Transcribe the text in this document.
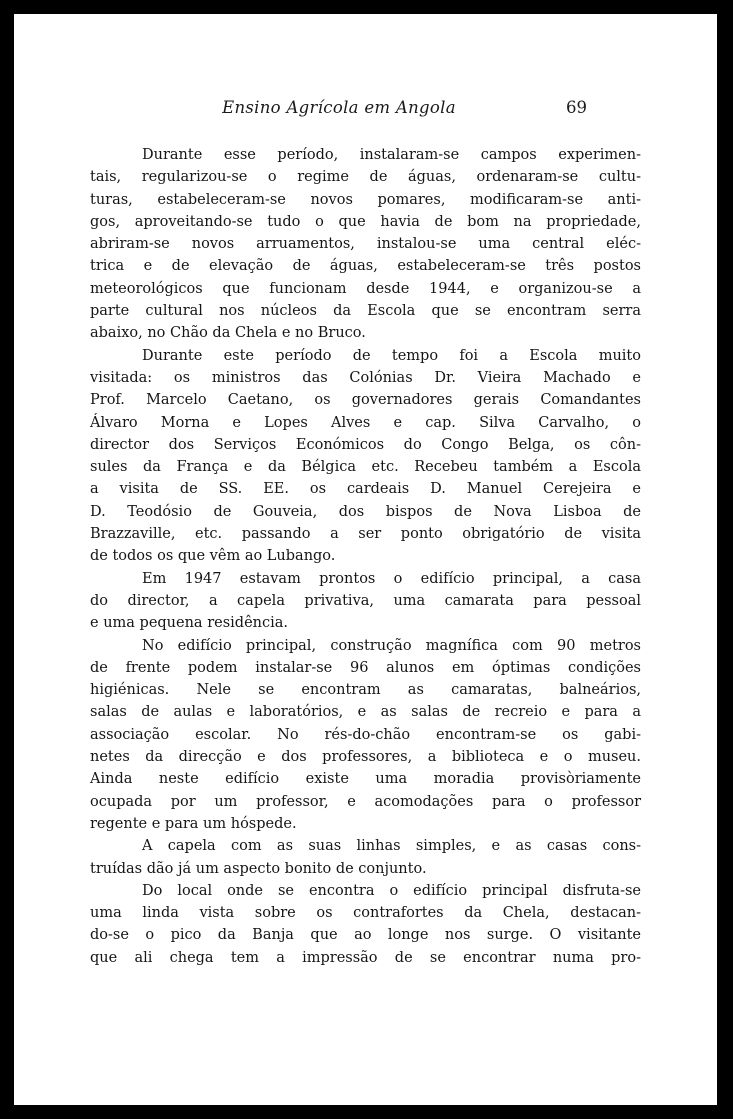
Ensino Agrícola em Angola	69
Durante esse período, instalaram-se campos experimen-
tais, regularizou-se o regime de águas, ordenaram-se cultu-
turas, estabeleceram-se novos pomares, modificaram-se anti-
gos, aproveitando-se tudo o que havia de bom na propriedade,
abriram-se novos arruamentos, instalou-se uma central eléc-
trica e de elevação de águas, estabeleceram-se três postos
meteorológicos que funcionam desde 1944, e organizou-se a
parte cultural nos núcleos da Escola que se encontram serra
abaixo, no Chão da Chela e no Bruco.
Durante este período de tempo foi a Escola muito
visitada: os ministros das Colónias Dr. Vieira Machado e
Prof. Marcelo Caetano, os governadores gerais Comandantes
Álvaro Morna e Lopes Alves e cap. Silva Carvalho, o
director dos Serviços Económicos do Congo Belga, os côn-
sules da França e da Bélgica etc. Recebeu também a Escola
a visita de SS. EE. os cardeais D. Manuel Cerejeira e
D. Teodósio de Gouveia, dos bispos de Nova Lisboa de
Brazzaville, etc. passando a ser ponto obrigatório de visita
de todos os que vêm ao Lubango.
Em 1947 estavam prontos o edifício principal, a casa
do director, a capela privativa, uma camarata para pessoal
e uma pequena residência.
No edifício principal, construção magnífica com 90 metros
de frente podem instalar-se 96 alunos em óptimas condições
higiénicas. Nele se encontram as camaratas, balneários,
salas de aulas e laboratórios, e as salas de recreio e para a
associação escolar. No rés-do-chão encontram-se os gabi-
netes da direcção e dos professores, a biblioteca e o museu.
Ainda neste edifício existe uma moradia provisòriamente
ocupada por um professor, e acomodações para o professor
regente e para um hóspede.
A capela com as suas linhas simples, e as casas cons-
truídas dão já um aspecto bonito de conjunto.
Do local onde se encontra o edifício principal disfruta-se
uma linda vista sobre os contrafortes da Chela, destacan-
do-se o pico da Banja que ao longe nos surge. O visitante
que ali chega tem a impressão de se encontrar numa pro-
